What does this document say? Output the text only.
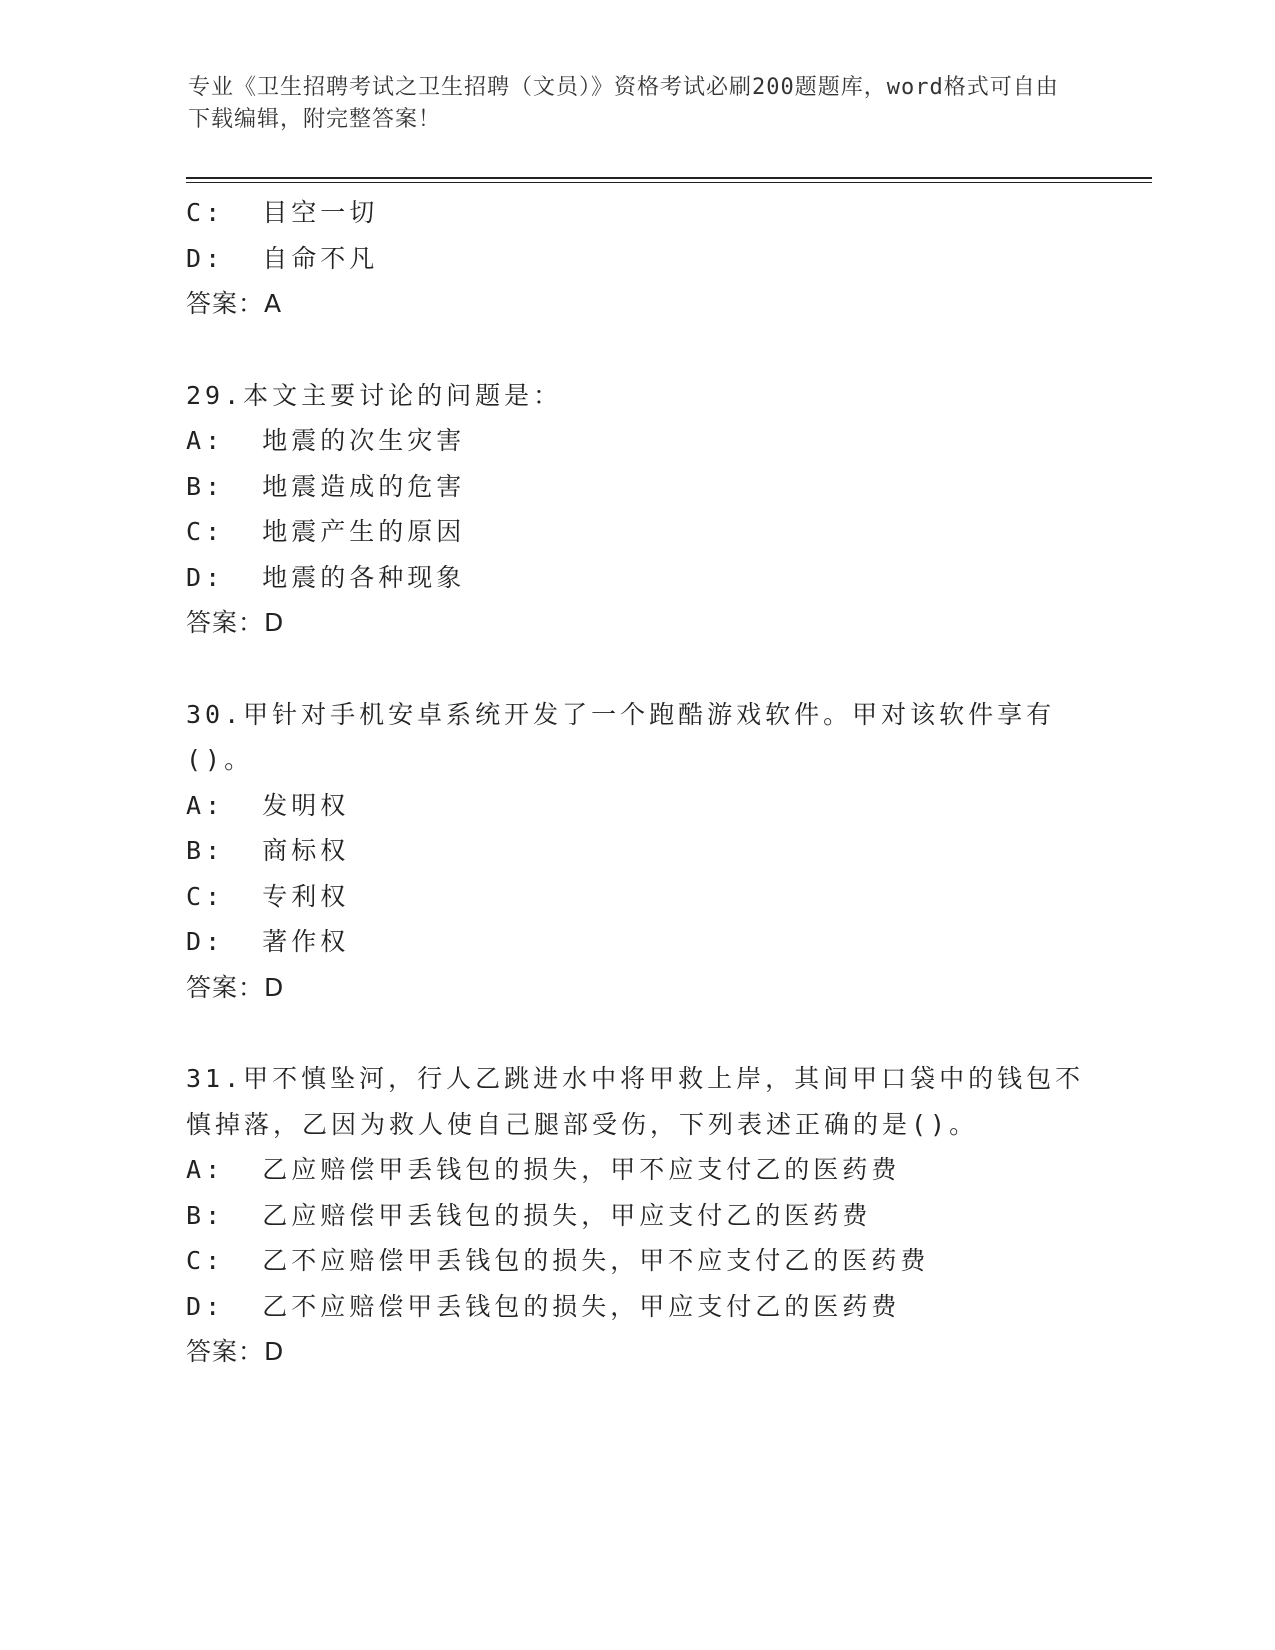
专业《卫生招聘考试之卫生招聘（文员）》资格考试必刷200题题库，word格式可自由下载编辑，附完整答案！

C:  目空一切

D:  自命不凡

答案：A

29.本文主要讨论的问题是：

A:  地震的次生灾害

B:  地震造成的危害

C:  地震产生的原因

D:  地震的各种现象

答案：D

30.甲针对手机安卓系统开发了一个跑酷游戏软件。甲对该软件享有()。

A:  发明权

B:  商标权

C:  专利权

D:  著作权

答案：D

31.甲不慎坠河，行人乙跳进水中将甲救上岸，其间甲口袋中的钱包不慎掉落，乙因为救人使自己腿部受伤，下列表述正确的是()。

A:  乙应赔偿甲丢钱包的损失，甲不应支付乙的医药费

B:  乙应赔偿甲丢钱包的损失，甲应支付乙的医药费

C:  乙不应赔偿甲丢钱包的损失，甲不应支付乙的医药费

D:  乙不应赔偿甲丢钱包的损失，甲应支付乙的医药费

答案：D
